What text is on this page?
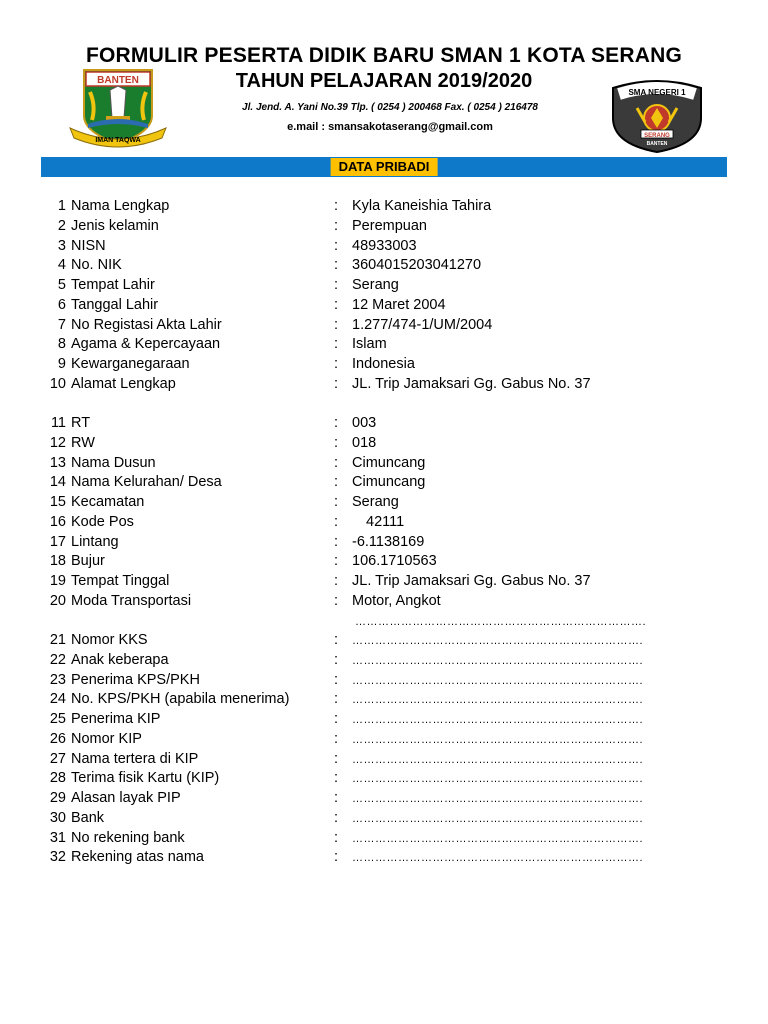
FORMULIR PESERTA DIDIK BARU SMAN 1 KOTA SERANG
TAHUN PELAJARAN 2019/2020
Jl. Jend. A. Yani No.39 Tlp. ( 0254 ) 200468 Fax. ( 0254 ) 216478
e.mail : smansakotaserang@gmail.com
BANTEN
IMAN TAQWA
SMA NEGERI 1
SERANG
BANTEN
DATA PRIBADI
1 Nama Lengkap	: Kyla Kaneishia Tahira
2 Jenis kelamin	: Perempuan
3 NISN	: 48933003
4 No. NIK	: 3604015203041270
5 Tempat Lahir	: Serang
6 Tanggal Lahir	: 12 Maret 2004
7 No Registasi Akta Lahir	: 1.277/474-1/UM/2004
8 Agama & Kepercayaan	: Islam
9 Kewarganegaraan	: Indonesia
10 Alamat Lengkap	: JL. Trip Jamaksari Gg. Gabus No. 37
11 RT	: 003
12 RW	: 018
13 Nama Dusun	: Cimuncang
14 Nama Kelurahan/ Desa	: Cimuncang
15 Kecamatan	: Serang
16 Kode Pos	: 42111
17 Lintang	: -6.1138169
18 Bujur	: 106.1710563
19 Tempat Tinggal	: JL. Trip Jamaksari Gg. Gabus No. 37
20 Moda Transportasi	: Motor, Angkot
21 Nomor KKS	: ………………………………………………………………….
22 Anak keberapa	: ………………………………………………………………….
23 Penerima KPS/PKH	: ………………………………………………………………….
24 No. KPS/PKH (apabila menerima)	: ………………………………………………………………….
25 Penerima KIP	: ………………………………………………………………….
26 Nomor KIP	: ………………………………………………………………….
27 Nama tertera di KIP	: ………………………………………………………………….
28 Terima fisik Kartu (KIP)	: ………………………………………………………………….
29 Alasan layak PIP	: ………………………………………………………………….
30 Bank	: ………………………………………………………………….
31 No rekening bank	: ………………………………………………………………….
32 Rekening atas nama	: ………………………………………………………………….
………………………………………………………………….
